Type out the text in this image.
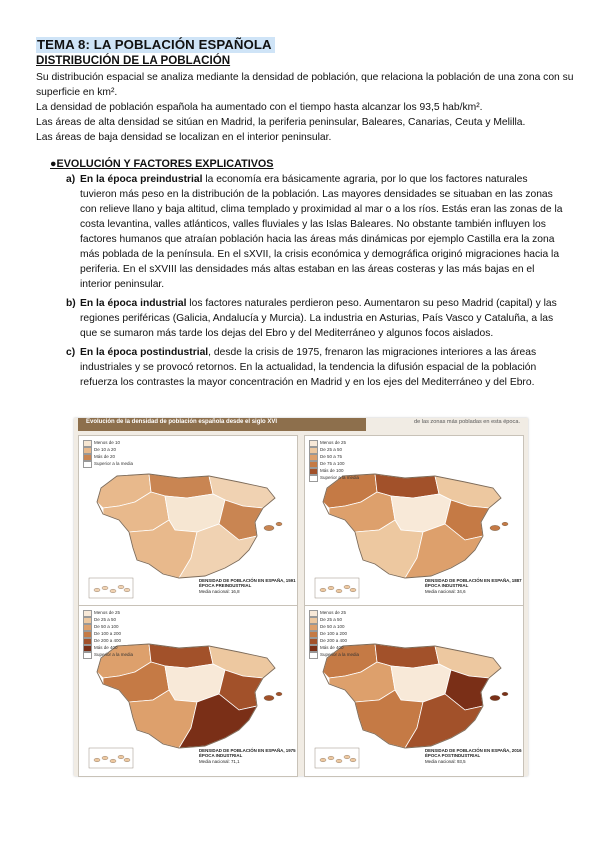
TEMA 8: LA POBLACIÓN ESPAÑOLA
DISTRIBUCIÓN DE LA POBLACIÓN

Su distribución espacial se analiza mediante la densidad de población, que relaciona la población de una zona con su superficie en km².

La densidad de población española ha aumentado con el tiempo hasta alcanzar los 93,5 hab/km².

Las áreas de alta densidad se sitúan en Madrid, la periferia peninsular, Baleares, Canarias, Ceuta y Melilla.

Las áreas de baja densidad se localizan en el interior peninsular.

●EVOLUCIÓN Y FACTORES EXPLICATIVOS
a) En la época preindustrial la economía era básicamente agraria, por lo que los factores naturales tuvieron más peso en la distribución de la población. Las mayores densidades se situaban en las zonas con relieve llano y baja altitud, clima templado y proximidad al mar o a los ríos. Estás eran las zonas de la costa levantina, valles atlánticos, valles fluviales y las Islas Baleares. No obstante también influyen los factores humanos que atraían población hacia las áreas más dinámicas por ejemplo Castilla era la zona más poblada de la península. En el sXVII, la crisis económica y demográfica originó migraciones hacia la periferia. En el sXVIII las densidades más altas estaban en las áreas costeras y las más bajas en el interior peninsular.
b) En la época industrial los factores naturales perdieron peso. Aumentaron su peso Madrid (capital) y las regiones periféricas (Galicia, Andalucía y Murcia). La industria en Asturias, País Vasco y Cataluña, a las que se sumaron más tarde los dejas del Ebro y del Mediterráneo y algunos focos aislados.
c) En la época postindustrial, desde la crisis de 1975, frenaron las migraciones interiores a las áreas industriales y se provocó retornos. En la actualidad, la tendencia la difusión espacial de la población refuerza los contrastes la mayor concentración en Madrid y en los ejes del Mediterráneo y del Ebro.
Evolución de la densidad de población española desde el siglo XVI	de las zonas más pobladas en esta época.
Menos de 10
De 10 a 20
Más de 20
Superior a la media
DENSIDAD DE POBLACIÓN EN ESPAÑA, 1591
ÉPOCA PREINDUSTRIAL
Media nacional: 16,8
Menos de 25
De 25 a 50
De 50 a 75
De 75 a 100
Más de 100
Superior a la media
DENSIDAD DE POBLACIÓN EN ESPAÑA, 1887
ÉPOCA INDUSTRIAL
Media nacional: 34,6
Menos de 25
De 25 a 50
De 50 a 100
De 100 a 200
De 200 a 400
Más de 400
Superior a la media
DENSIDAD DE POBLACIÓN EN ESPAÑA, 1975
ÉPOCA INDUSTRIAL
Media nacional: 71,1
Menos de 25
De 25 a 50
De 50 a 100
De 100 a 200
De 200 a 400
Más de 400
Superior a la media
DENSIDAD DE POBLACIÓN EN ESPAÑA, 2016
ÉPOCA POSTINDUSTRIAL
Media nacional: 93,5
